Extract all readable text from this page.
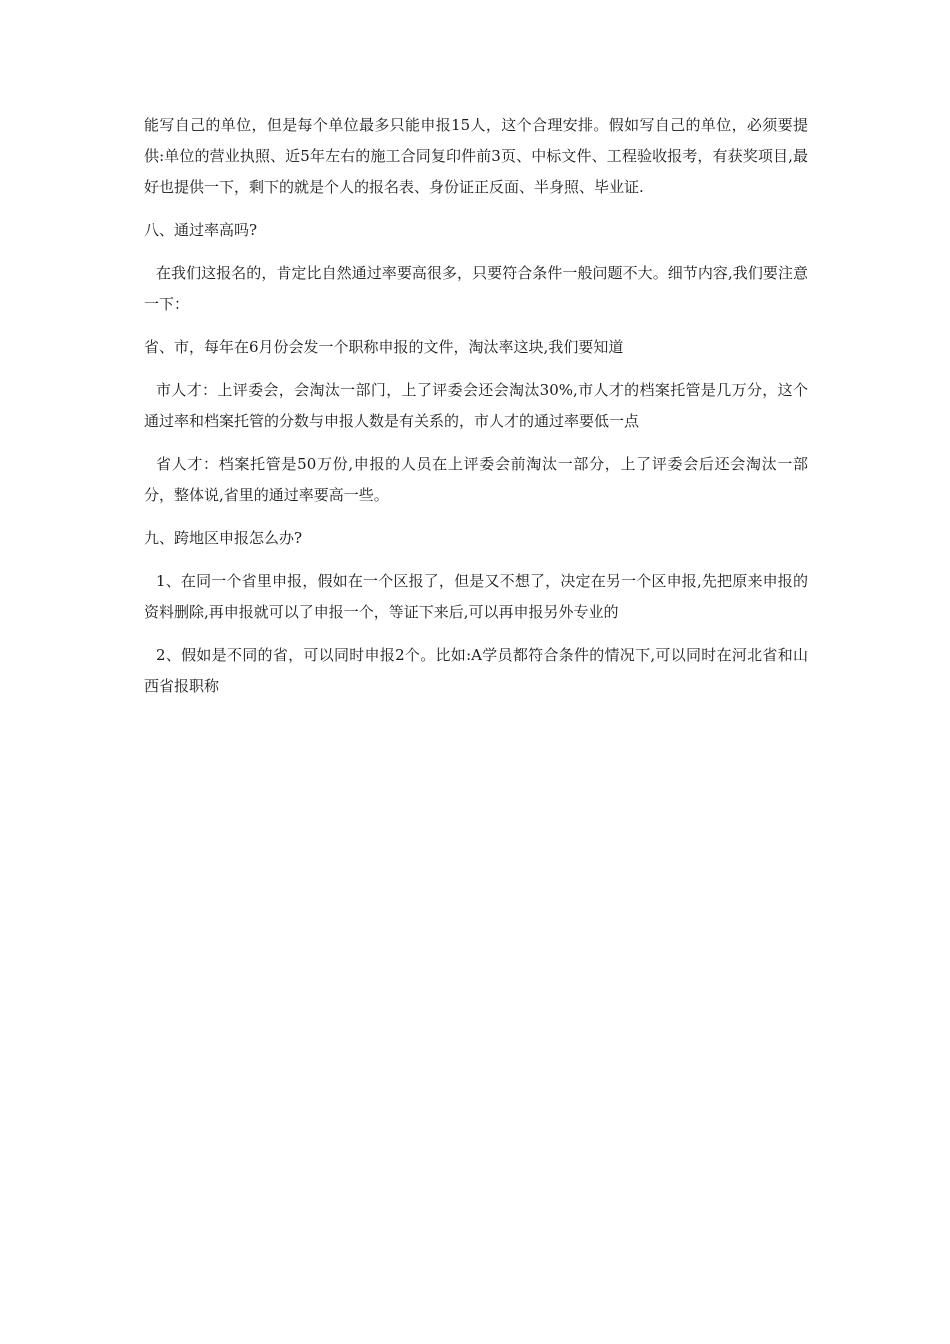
能写自己的单位，但是每个单位最多只能申报15人，这个合理安排。假如写自己的单位，必须要提供:单位的营业执照、近5年左右的施工合同复印件前3页、中标文件、工程验收报考，有获奖项目,最好也提供一下，剩下的就是个人的报名表、身份证正反面、半身照、毕业证.

八、通过率高吗?

在我们这报名的，肯定比自然通过率要高很多，只要符合条件一般问题不大。细节内容,我们要注意一下：

省、市，每年在6月份会发一个职称申报的文件，淘汰率这块,我们要知道

市人才：上评委会，会淘汰一部门，上了评委会还会淘汰30%,市人才的档案托管是几万分，这个通过率和档案托管的分数与申报人数是有关系的，市人才的通过率要低一点

省人才：档案托管是50万份,申报的人员在上评委会前淘汰一部分，上了评委会后还会淘汰一部分，整体说,省里的通过率要高一些。

九、跨地区申报怎么办?

1、在同一个省里申报，假如在一个区报了，但是又不想了，决定在另一个区申报,先把原来申报的资料删除,再申报就可以了申报一个，等证下来后,可以再申报另外专业的

2、假如是不同的省，可以同时申报2个。比如:A学员都符合条件的情况下,可以同时在河北省和山西省报职称
